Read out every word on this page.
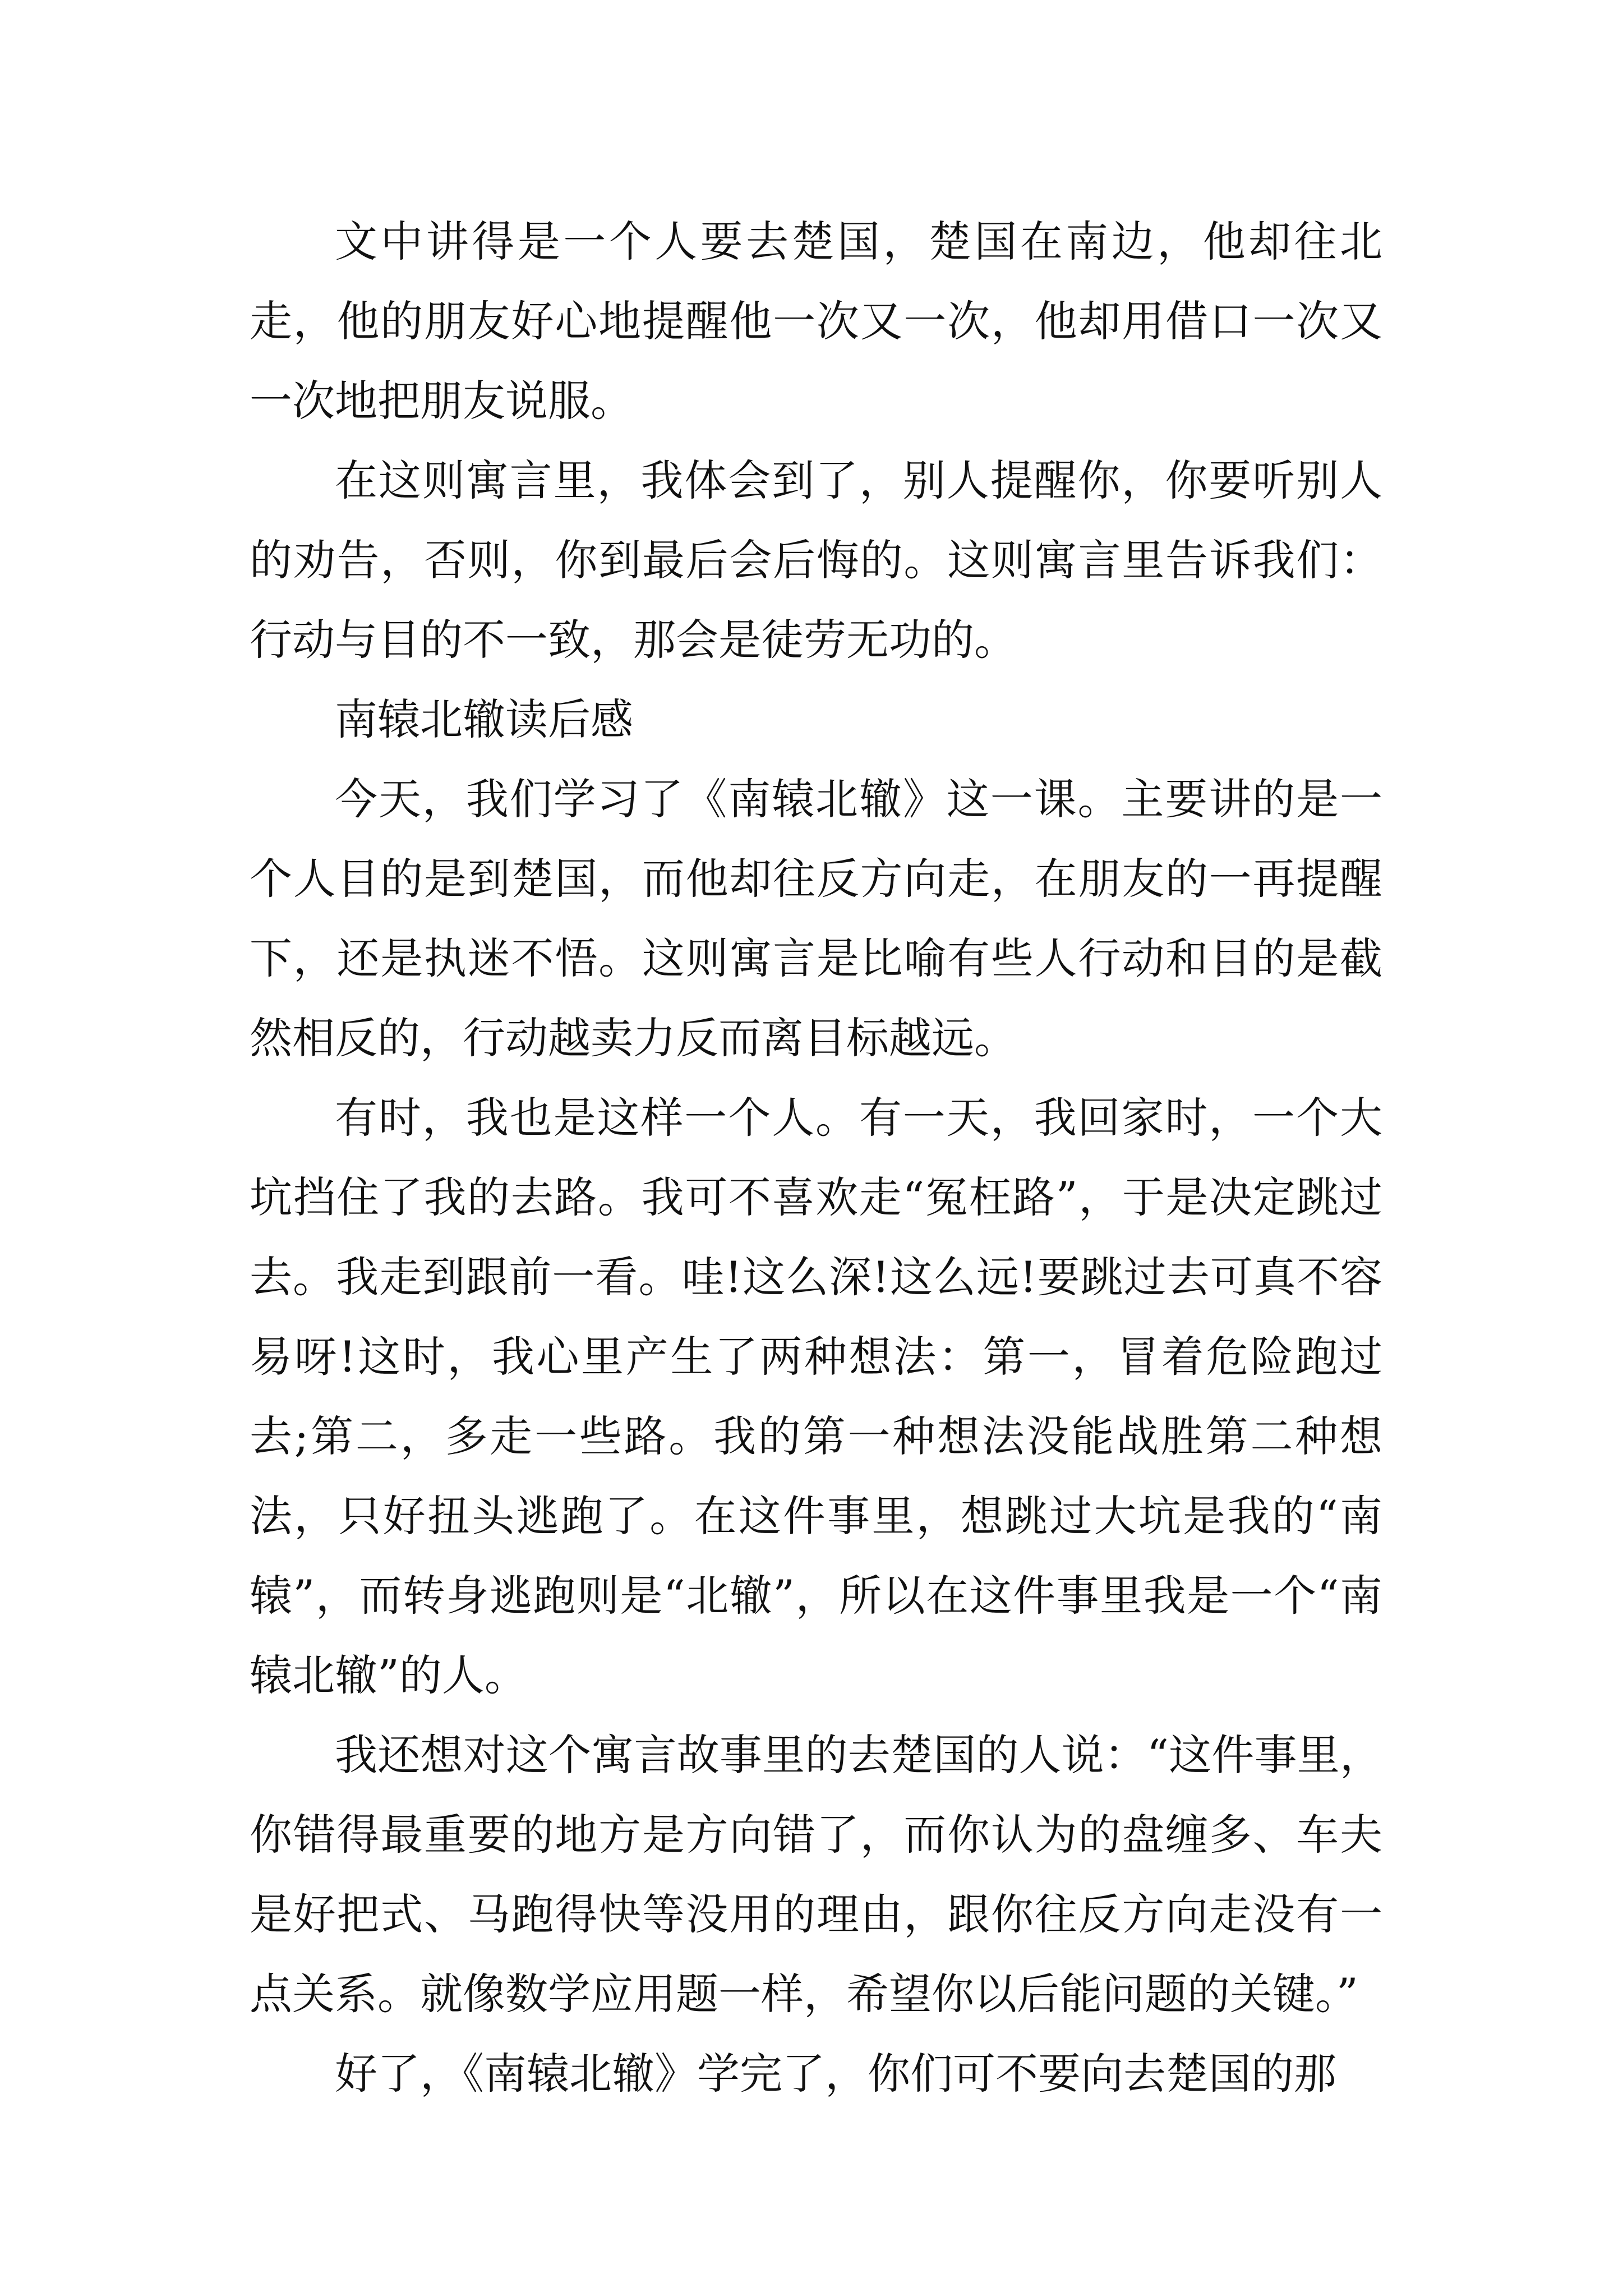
文中讲得是一个人要去楚国，楚国在南边，他却往北走，他的朋友好心地提醒他一次又一次，他却用借口一次又一次地把朋友说服。

在这则寓言里，我体会到了，别人提醒你，你要听别人的劝告，否则，你到最后会后悔的。这则寓言里告诉我们：行动与目的不一致，那会是徒劳无功的。

南辕北辙读后感

今天，我们学习了《南辕北辙》这一课。主要讲的是一个人目的是到楚国，而他却往反方向走，在朋友的一再提醒下，还是执迷不悟。这则寓言是比喻有些人行动和目的是截然相反的，行动越卖力反而离目标越远。

有时，我也是这样一个人。有一天，我回家时，一个大坑挡住了我的去路。我可不喜欢走“冤枉路”，于是决定跳过去。我走到跟前一看。哇!这么深!这么远!要跳过去可真不容易呀!这时，我心里产生了两种想法：第一，冒着危险跑过去;第二，多走一些路。我的第一种想法没能战胜第二种想法，只好扭头逃跑了。在这件事里，想跳过大坑是我的“南辕”，而转身逃跑则是“北辙”，所以在这件事里我是一个“南辕北辙”的人。

我还想对这个寓言故事里的去楚国的人说：“这件事里，你错得最重要的地方是方向错了，而你认为的盘缠多、车夫是好把式、马跑得快等没用的理由，跟你往反方向走没有一点关系。就像数学应用题一样，希望你以后能问题的关键。”

好了，《南辕北辙》学完了，你们可不要向去楚国的那
